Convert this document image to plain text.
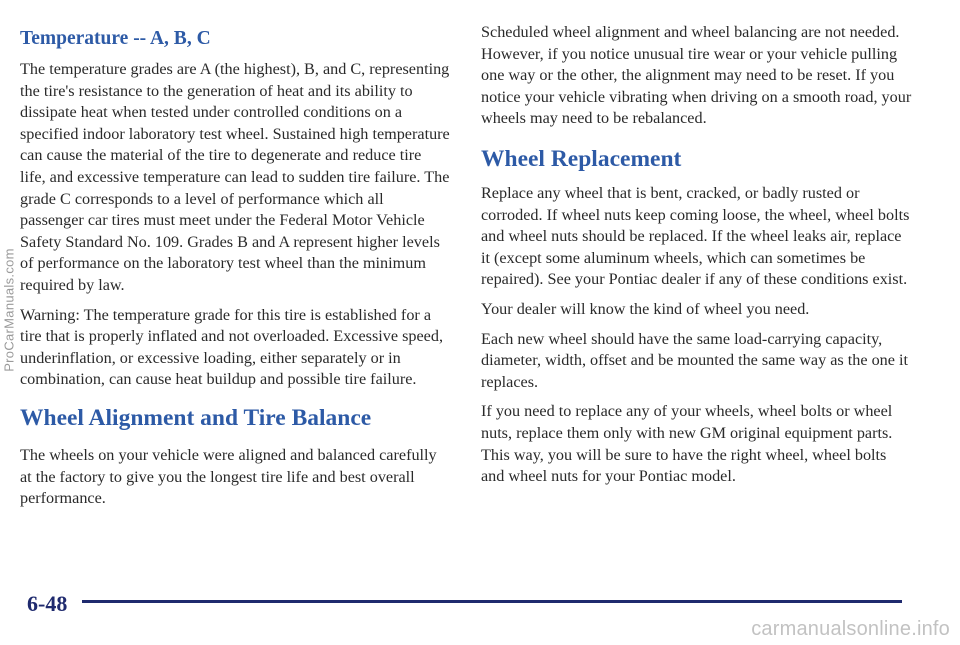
Temperature -- A, B, C

The temperature grades are A (the highest), B, and C, representing the tire's resistance to the generation of heat and its ability to dissipate heat when tested under controlled conditions on a specified indoor laboratory test wheel. Sustained high temperature can cause the material of the tire to degenerate and reduce tire life, and excessive temperature can lead to sudden tire failure. The grade C corresponds to a level of performance which all passenger car tires must meet under the Federal Motor Vehicle Safety Standard No. 109. Grades B and A represent higher levels of performance on the laboratory test wheel than the minimum required by law.

Warning: The temperature grade for this tire is established for a tire that is properly inflated and not overloaded. Excessive speed, underinflation, or excessive loading, either separately or in combination, can cause heat buildup and possible tire failure.

Wheel Alignment and Tire Balance

The wheels on your vehicle were aligned and balanced carefully at the factory to give you the longest tire life and best overall performance.

Scheduled wheel alignment and wheel balancing are not needed. However, if you notice unusual tire wear or your vehicle pulling one way or the other, the alignment may need to be reset. If you notice your vehicle vibrating when driving on a smooth road, your wheels may need to be rebalanced.

Wheel Replacement

Replace any wheel that is bent, cracked, or badly rusted or corroded. If wheel nuts keep coming loose, the wheel, wheel bolts and wheel nuts should be replaced. If the wheel leaks air, replace it (except some aluminum wheels, which can sometimes be repaired). See your Pontiac dealer if any of these conditions exist.

Your dealer will know the kind of wheel you need.

Each new wheel should have the same load-carrying capacity, diameter, width, offset and be mounted the same way as the one it replaces.

If you need to replace any of your wheels, wheel bolts or wheel nuts, replace them only with new GM original equipment parts. This way, you will be sure to have the right wheel, wheel bolts and wheel nuts for your Pontiac model.

ProCarManuals.com
6-48
carmanualsonline.info
